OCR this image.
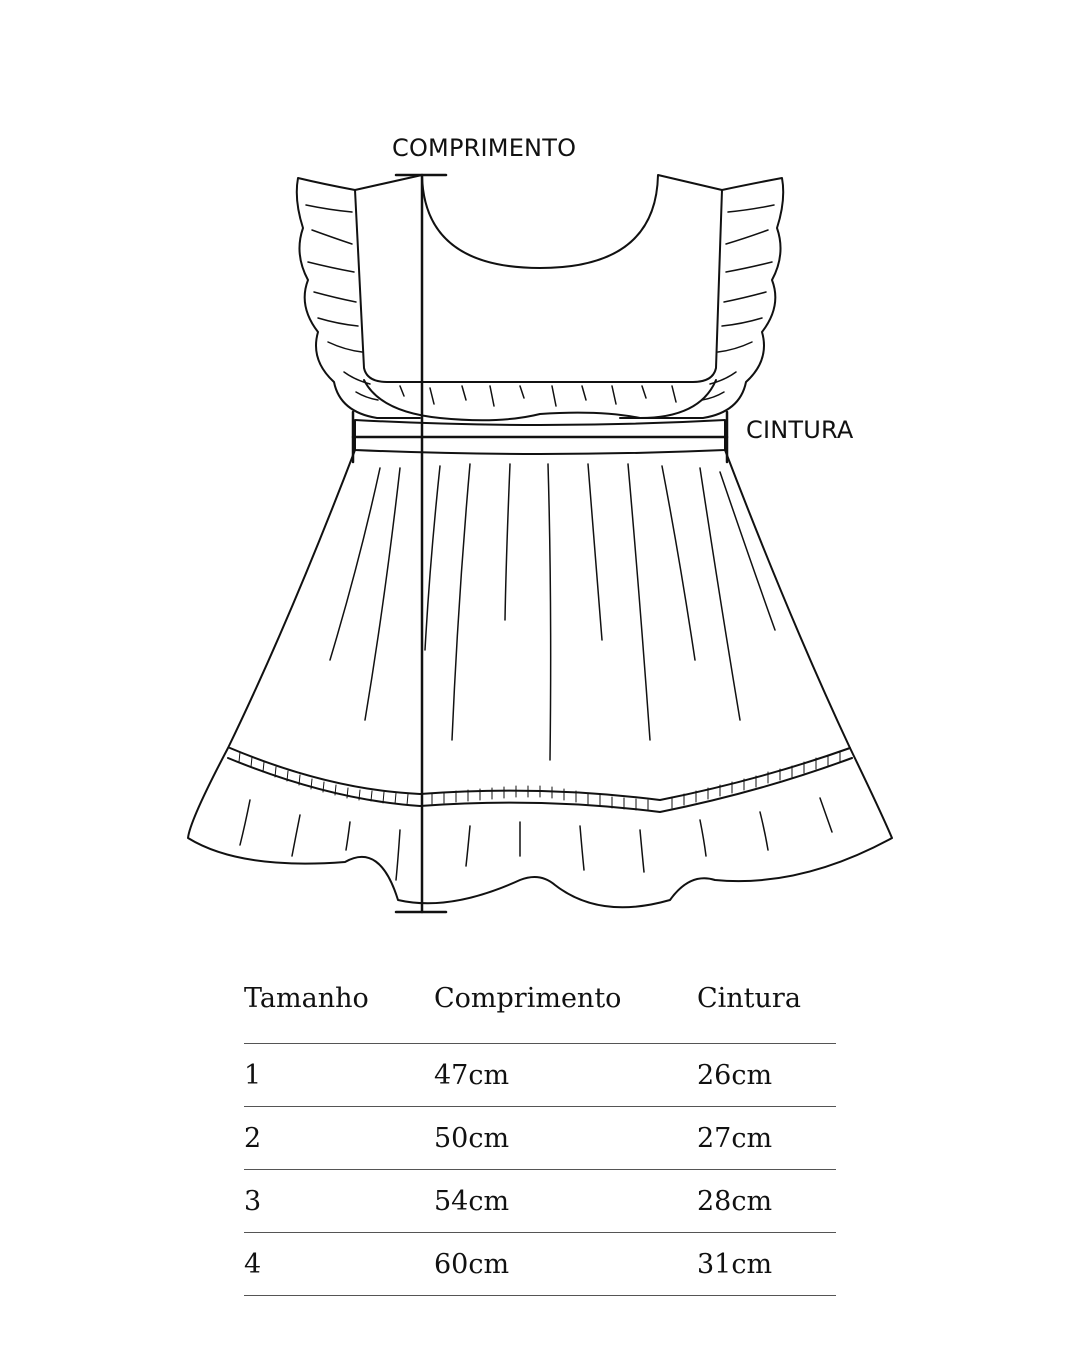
COMPRIMENTO
CINTURA
Tamanho	Comprimento	Cintura
1	47cm	26cm
2	50cm	27cm
3	54cm	28cm
4	60cm	31cm
